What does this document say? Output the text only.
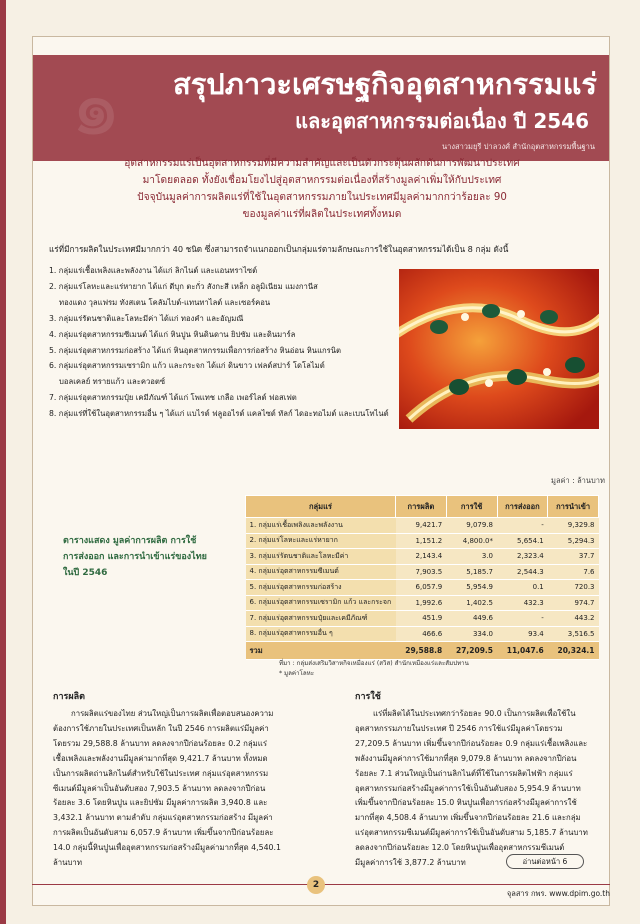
๑	สรุปภาวะเศรษฐกิจอุตสาหกรรมแร่
และอุตสาหกรรมต่อเนื่อง ปี 2546
นางสาวมยุรี ปาลวงศ์ สำนักอุตสาหกรรมพื้นฐาน

อุตสาหกรรมแร่เป็นอุตสาหกรรมที่มีความสำคัญและเป็นตัวกระตุ้นผลักดันการพัฒนาประเทศ

มาโดยตลอด ทั้งยังเชื่อมโยงไปสู่อุตสาหกรรมต่อเนื่องที่สร้างมูลค่าเพิ่มให้กับประเทศ

ปัจจุบันมูลค่าการผลิตแร่ที่ใช้ในอุตสาหกรรมภายในประเทศมีมูลค่ามากกว่าร้อยละ 90

ของมูลค่าแร่ที่ผลิตในประเทศทั้งหมด

แร่ที่มีการผลิตในประเทศมีมากกว่า 40 ชนิด ซึ่งสามารถจำแนกออกเป็นกลุ่มแร่ตามลักษณะการใช้ในอุตสาหกรรมได้เป็น 8 กลุ่ม ดังนี้

1. กลุ่มแร่เชื้อเพลิงและพลังงาน ได้แก่ ลิกไนต์ และแอนทราไซต์
2. กลุ่มแร่โลหะและแร่หายาก ได้แก่ ดีบุก ตะกั่ว สังกะสี เหล็ก อลูมิเนียม แมงกานีส
ทองแดง วุลแฟรม ทังสเตน โคลัมไบต์-แทนทาไลต์ และเซอร์คอน
3. กลุ่มแร่รัตนชาติและโลหะมีค่า ได้แก่ ทองคำ และอัญมณี
4. กลุ่มแร่อุตสาหกรรมซีเมนต์ ได้แก่ หินปูน หินดินดาน ยิปซัม และดินมาร์ล
5. กลุ่มแร่อุตสาหกรรมก่อสร้าง ได้แก่ หินอุตสาหกรรมเพื่อการก่อสร้าง หินอ่อน หินแกรนิต
6. กลุ่มแร่อุตสาหกรรมเซรามิก แก้ว และกระจก ได้แก่ ดินขาว เฟลด์สปาร์ โดโลไมต์
บอลเคลย์ ทรายแก้ว และควอตซ์
7. กลุ่มแร่อุตสาหกรรมปุ๋ย เคมีภัณฑ์ ได้แก่ โพแทช เกลือ เพอร์ไลต์ ฟอสเฟต
8. กลุ่มแร่ที่ใช้ในอุตสาหกรรมอื่น ๆ ได้แก่ แบไรต์ ฟลูออไรต์ แคลไซต์ ทัลก์ ไดอะทอไมต์ และเบนโทไนต์
มูลค่า : ล้านบาท

ตารางแสดง มูลค่าการผลิต การใช้

การส่งออก และการนำเข้าแร่ของไทย

ในปี 2546

กลุ่มแร่	การผลิต	การใช้	การส่งออก	การนำเข้า
1. กลุ่มแร่เชื้อเพลิงและพลังงาน	9,421.7	9,079.8	-	9,329.8
2. กลุ่มแร่โลหะและแร่หายาก	1,151.2	4,800.0*	5,654.1	5,294.3
3. กลุ่มแร่รัตนชาติและโลหะมีค่า	2,143.4	3.0	2,323.4	37.7
4. กลุ่มแร่อุตสาหกรรมซีเมนต์	7,903.5	5,185.7	2,544.3	7.6
5. กลุ่มแร่อุตสาหกรรมก่อสร้าง	6,057.9	5,954.9	0.1	720.3
6. กลุ่มแร่อุตสาหกรรมเซรามิก แก้ว และกระจก	1,992.6	1,402.5	432.3	974.7
7. กลุ่มแร่อุตสาหกรรมปุ๋ยและเคมีภัณฑ์	451.9	449.6	-	443.2
8. กลุ่มแร่อุตสาหกรรมอื่น ๆ	466.6	334.0	93.4	3,516.5
รวม	29,588.8	27,209.5	11,047.6	20,324.1

ที่มา : กลุ่มส่งเสริมวิสาหกิจเหมืองแร่ (สวิส) สำนักเหมืองแร่และสัมปทาน

* มูลค่าโลหะ

การผลิต

การผลิตแร่ของไทย ส่วนใหญ่เป็นการผลิตเพื่อตอบสนองความ

ต้องการใช้ภายในประเทศเป็นหลัก ในปี 2546 การผลิตแร่มีมูลค่า

โดยรวม 29,588.8 ล้านบาท ลดลงจากปีก่อนร้อยละ 0.2 กลุ่มแร่

เชื้อเพลิงและพลังงานมีมูลค่ามากที่สุด 9,421.7 ล้านบาท ทั้งหมด

เป็นการผลิตถ่านลิกไนต์สำหรับใช้ในประเทศ กลุ่มแร่อุตสาหกรรม

ซีเมนต์มีมูลค่าเป็นอันดับสอง 7,903.5 ล้านบาท ลดลงจากปีก่อน

ร้อยละ 3.6 โดยหินปูน และยิปซัม มีมูลค่าการผลิต 3,940.8 และ

3,432.1 ล้านบาท ตามลำดับ กลุ่มแร่อุตสาหกรรมก่อสร้าง มีมูลค่า

การผลิตเป็นอันดับสาม 6,057.9 ล้านบาท เพิ่มขึ้นจากปีก่อนร้อยละ

14.0 กลุ่มนี้หินปูนเพื่ออุตสาหกรรมก่อสร้างมีมูลค่ามากที่สุด 4,540.1

ล้านบาท

การใช้

แร่ที่ผลิตได้ในประเทศกว่าร้อยละ 90.0 เป็นการผลิตเพื่อใช้ใน

อุตสาหกรรมภายในประเทศ ปี 2546 การใช้แร่มีมูลค่าโดยรวม

27,209.5 ล้านบาท เพิ่มขึ้นจากปีก่อนร้อยละ 0.9 กลุ่มแร่เชื้อเพลิงและ

พลังงานมีมูลค่าการใช้มากที่สุด 9,079.8 ล้านบาท ลดลงจากปีก่อน

ร้อยละ 7.1 ส่วนใหญ่เป็นถ่านลิกไนต์ที่ใช้ในการผลิตไฟฟ้า กลุ่มแร่

อุตสาหกรรมก่อสร้างมีมูลค่าการใช้เป็นอันดับสอง 5,954.9 ล้านบาท

เพิ่มขึ้นจากปีก่อนร้อยละ 15.0 หินปูนเพื่อการก่อสร้างมีมูลค่าการใช้

มากที่สุด 4,508.4 ล้านบาท เพิ่มขึ้นจากปีก่อนร้อยละ 21.6 และกลุ่ม

แร่อุตสาหกรรมซีเมนต์มีมูลค่าการใช้เป็นอันดับสาม 5,185.7 ล้านบาท

ลดลงจากปีก่อนร้อยละ 12.0 โดยหินปูนเพื่ออุตสาหกรรมซีเมนต์

มีมูลค่าการใช้ 3,877.2 ล้านบาท	อ่านต่อหน้า 6
2
จุลสาร กพร. www.dpim.go.th
